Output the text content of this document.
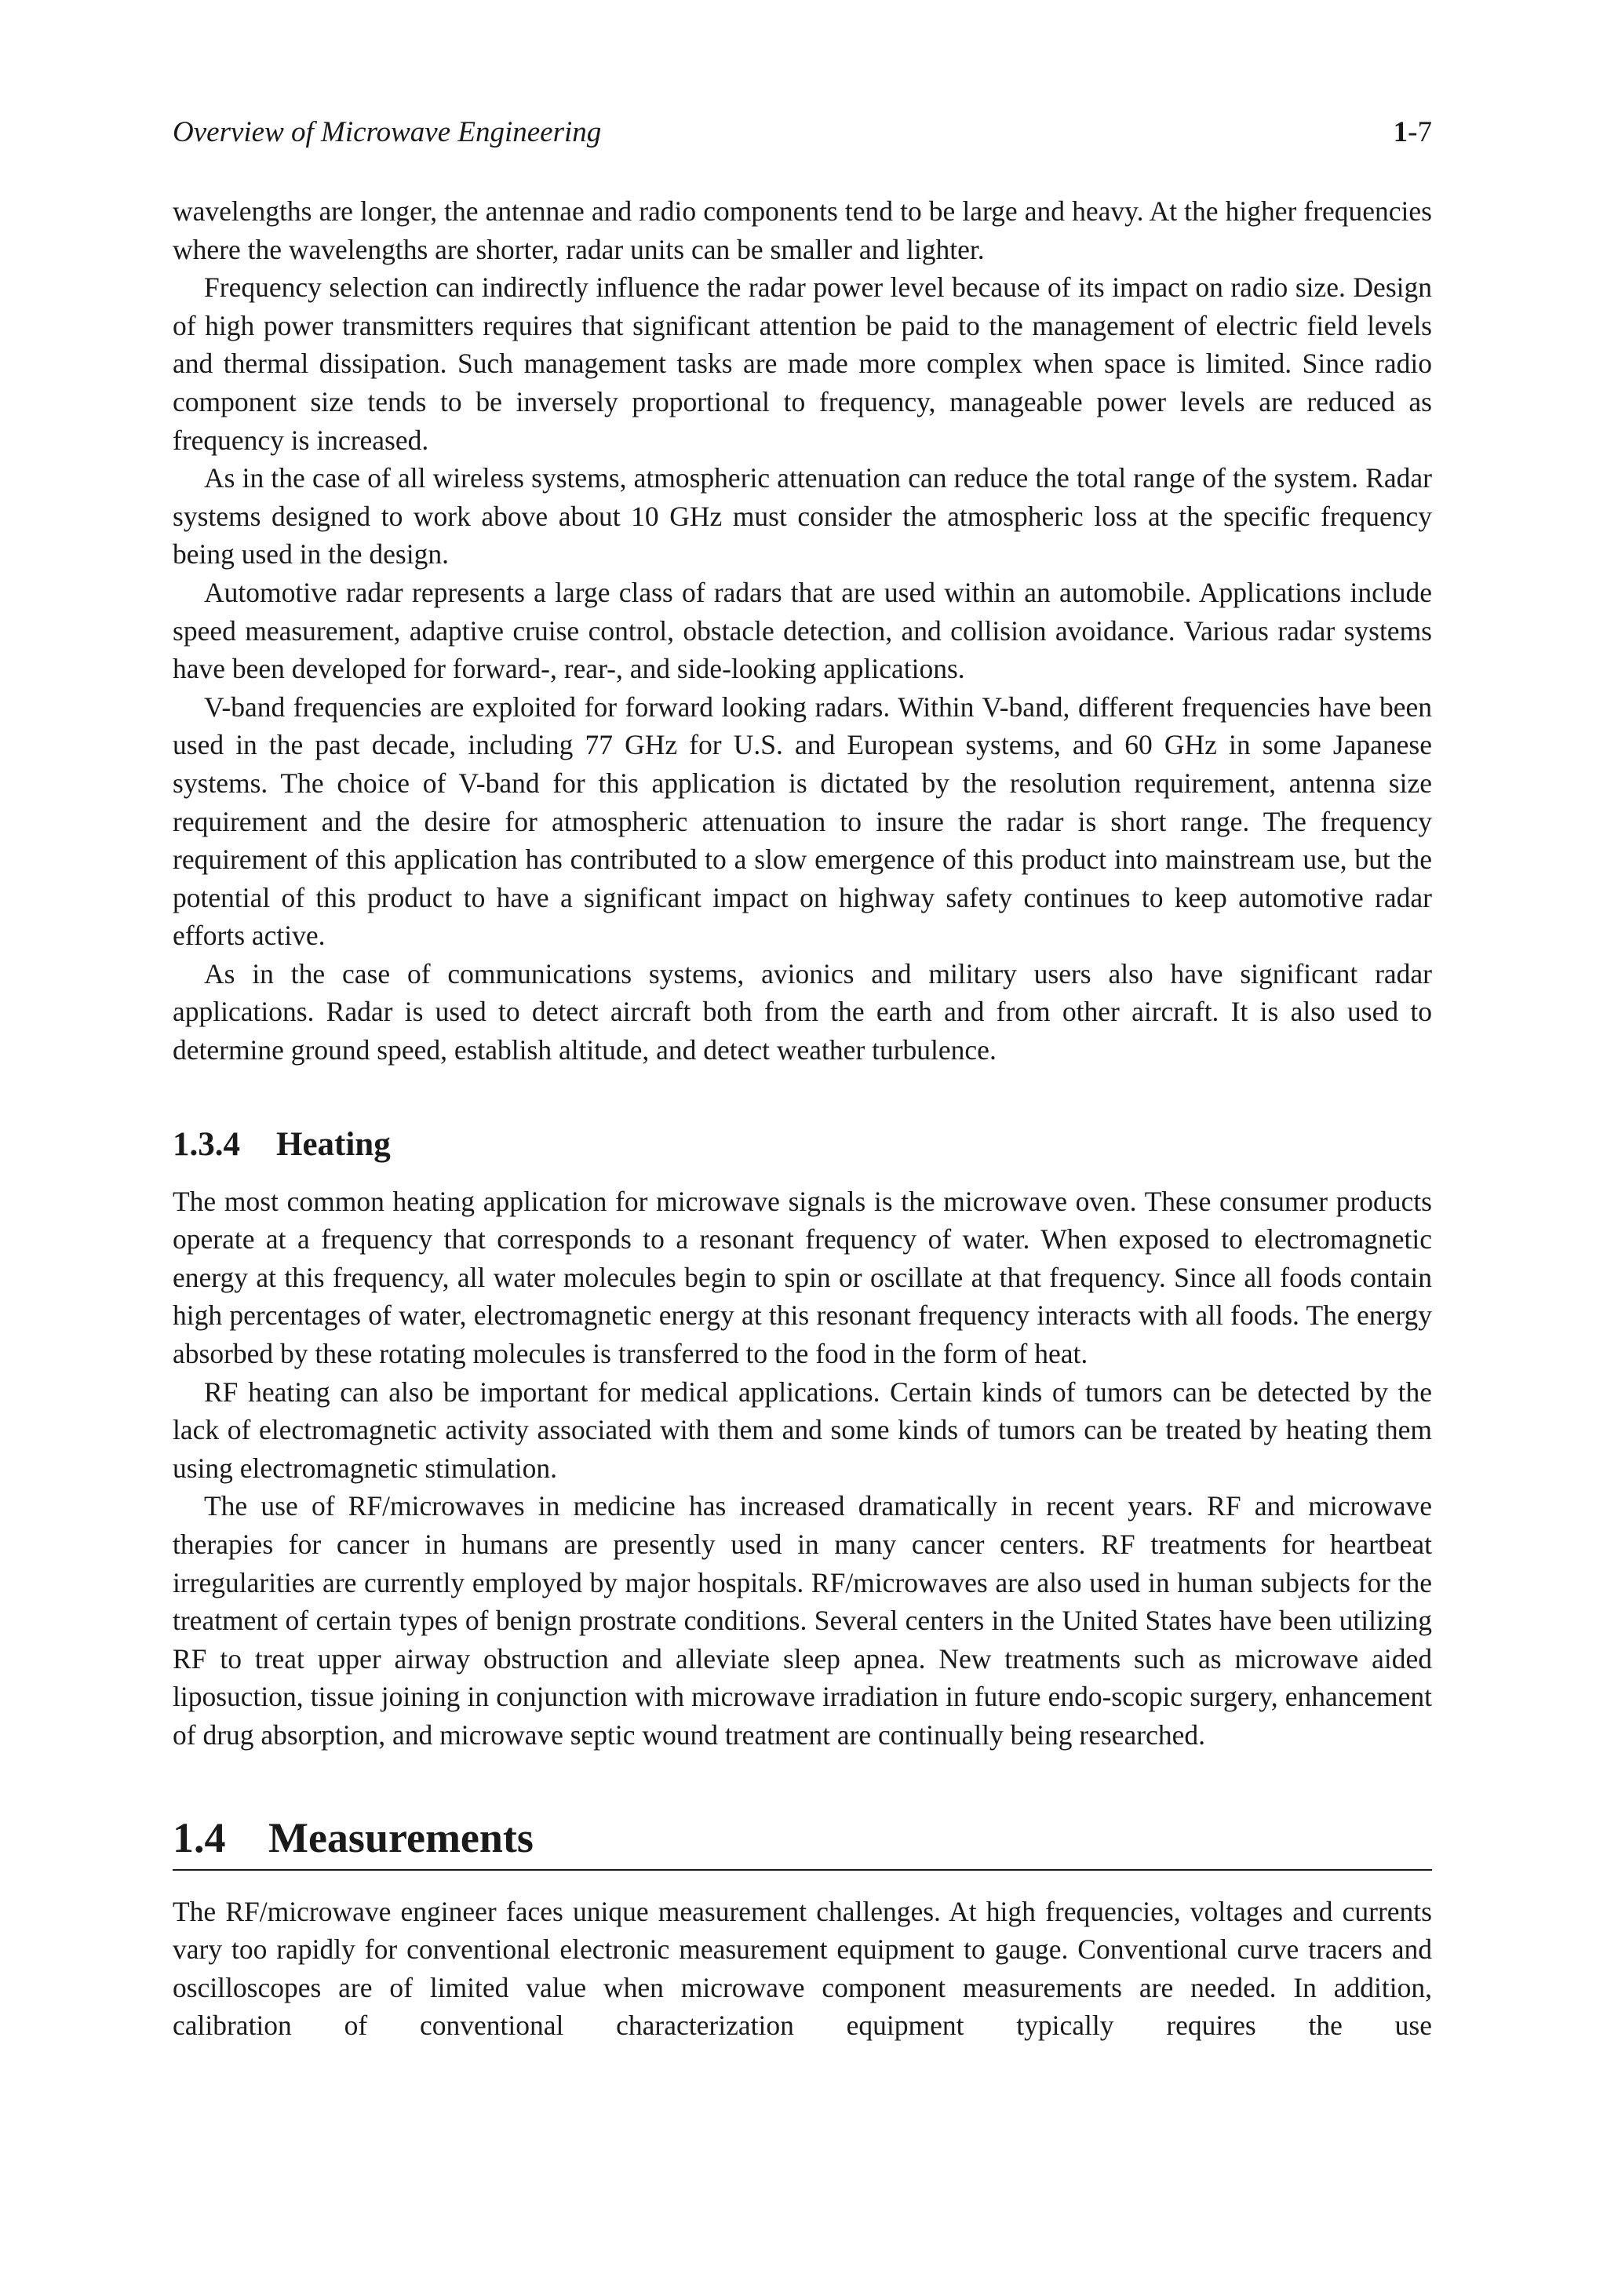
Overview of Microwave Engineering	1-7

wavelengths are longer, the antennae and radio components tend to be large and heavy. At the higher frequencies where the wavelengths are shorter, radar units can be smaller and lighter.

Frequency selection can indirectly influence the radar power level because of its impact on radio size. Design of high power transmitters requires that significant attention be paid to the management of electric field levels and thermal dissipation. Such management tasks are made more complex when space is limited. Since radio component size tends to be inversely proportional to frequency, manageable power levels are reduced as frequency is increased.

As in the case of all wireless systems, atmospheric attenuation can reduce the total range of the system. Radar systems designed to work above about 10 GHz must consider the atmospheric loss at the specific frequency being used in the design.

Automotive radar represents a large class of radars that are used within an automobile. Applications include speed measurement, adaptive cruise control, obstacle detection, and collision avoidance. Various radar systems have been developed for forward-, rear-, and side-looking applications.

V-band frequencies are exploited for forward looking radars. Within V-band, different frequencies have been used in the past decade, including 77 GHz for U.S. and European systems, and 60 GHz in some Japanese systems. The choice of V-band for this application is dictated by the resolution requirement, antenna size requirement and the desire for atmospheric attenuation to insure the radar is short range. The frequency requirement of this application has contributed to a slow emergence of this product into mainstream use, but the potential of this product to have a significant impact on highway safety continues to keep automotive radar efforts active.

As in the case of communications systems, avionics and military users also have significant radar applications. Radar is used to detect aircraft both from the earth and from other aircraft. It is also used to determine ground speed, establish altitude, and detect weather turbulence.

1.3.4 Heating

The most common heating application for microwave signals is the microwave oven. These consumer products operate at a frequency that corresponds to a resonant frequency of water. When exposed to electromagnetic energy at this frequency, all water molecules begin to spin or oscillate at that frequency. Since all foods contain high percentages of water, electromagnetic energy at this resonant frequency interacts with all foods. The energy absorbed by these rotating molecules is transferred to the food in the form of heat.

RF heating can also be important for medical applications. Certain kinds of tumors can be detected by the lack of electromagnetic activity associated with them and some kinds of tumors can be treated by heating them using electromagnetic stimulation.

The use of RF/microwaves in medicine has increased dramatically in recent years. RF and microwave therapies for cancer in humans are presently used in many cancer centers. RF treatments for heartbeat irregularities are currently employed by major hospitals. RF/microwaves are also used in human subjects for the treatment of certain types of benign prostrate conditions. Several centers in the United States have been utilizing RF to treat upper airway obstruction and alleviate sleep apnea. New treatments such as microwave aided liposuction, tissue joining in conjunction with microwave irradiation in future endo-scopic surgery, enhancement of drug absorption, and microwave septic wound treatment are continually being researched.

1.4 Measurements

The RF/microwave engineer faces unique measurement challenges. At high frequencies, voltages and currents vary too rapidly for conventional electronic measurement equipment to gauge. Conventional curve tracers and oscilloscopes are of limited value when microwave component measurements are needed. In addition, calibration of conventional characterization equipment typically requires the use
